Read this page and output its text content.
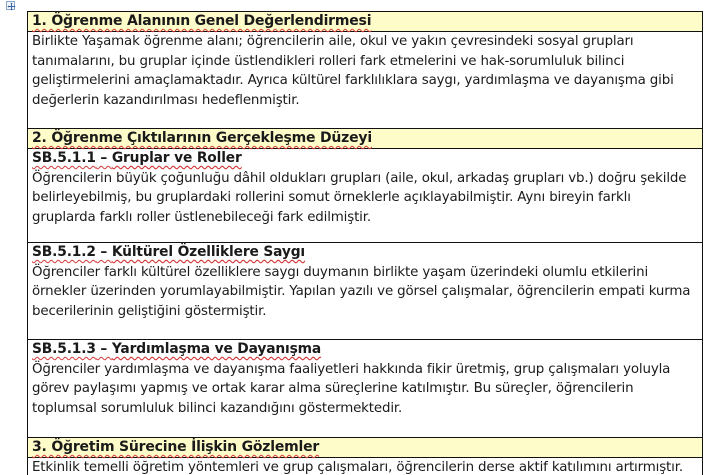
1. Öğrenme Alanının Genel Değerlendirmesi

Birlikte Yaşamak öğrenme alanı; öğrencilerin aile, okul ve yakın çevresindeki sosyal grupları tanımalarını, bu gruplar içinde üstlendikleri rolleri fark etmelerini ve hak-sorumluluk bilinci geliştirmelerini amaçlamaktadır. Ayrıca kültürel farklılıklara saygı, yardımlaşma ve dayanışma gibi değerlerin kazandırılması hedeflenmiştir.

2. Öğrenme Çıktılarının Gerçekleşme Düzeyi

SB.5.1.1 – Gruplar ve Roller

Öğrencilerin büyük çoğunluğu dâhil oldukları grupları (aile, okul, arkadaş grupları vb.) doğru şekilde belirleyebilmiş, bu gruplardaki rollerini somut örneklerle açıklayabilmiştir. Aynı bireyin farklı gruplarda farklı roller üstlenebileceği fark edilmiştir.

SB.5.1.2 – Kültürel Özelliklere Saygı

Öğrenciler farklı kültürel özelliklere saygı duymanın birlikte yaşam üzerindeki olumlu etkilerini örnekler üzerinden yorumlayabilmiştir. Yapılan yazılı ve görsel çalışmalar, öğrencilerin empati kurma becerilerinin geliştiğini göstermiştir.

SB.5.1.3 – Yardımlaşma ve Dayanışma

Öğrenciler yardımlaşma ve dayanışma faaliyetleri hakkında fikir üretmiş, grup çalışmaları yoluyla görev paylaşımı yapmış ve ortak karar alma süreçlerine katılmıştır. Bu süreçler, öğrencilerin toplumsal sorumluluk bilinci kazandığını göstermektedir.

3. Öğretim Sürecine İlişkin Gözlemler

Etkinlik temelli öğretim yöntemleri ve grup çalışmaları, öğrencilerin derse aktif katılımını artırmıştır.
